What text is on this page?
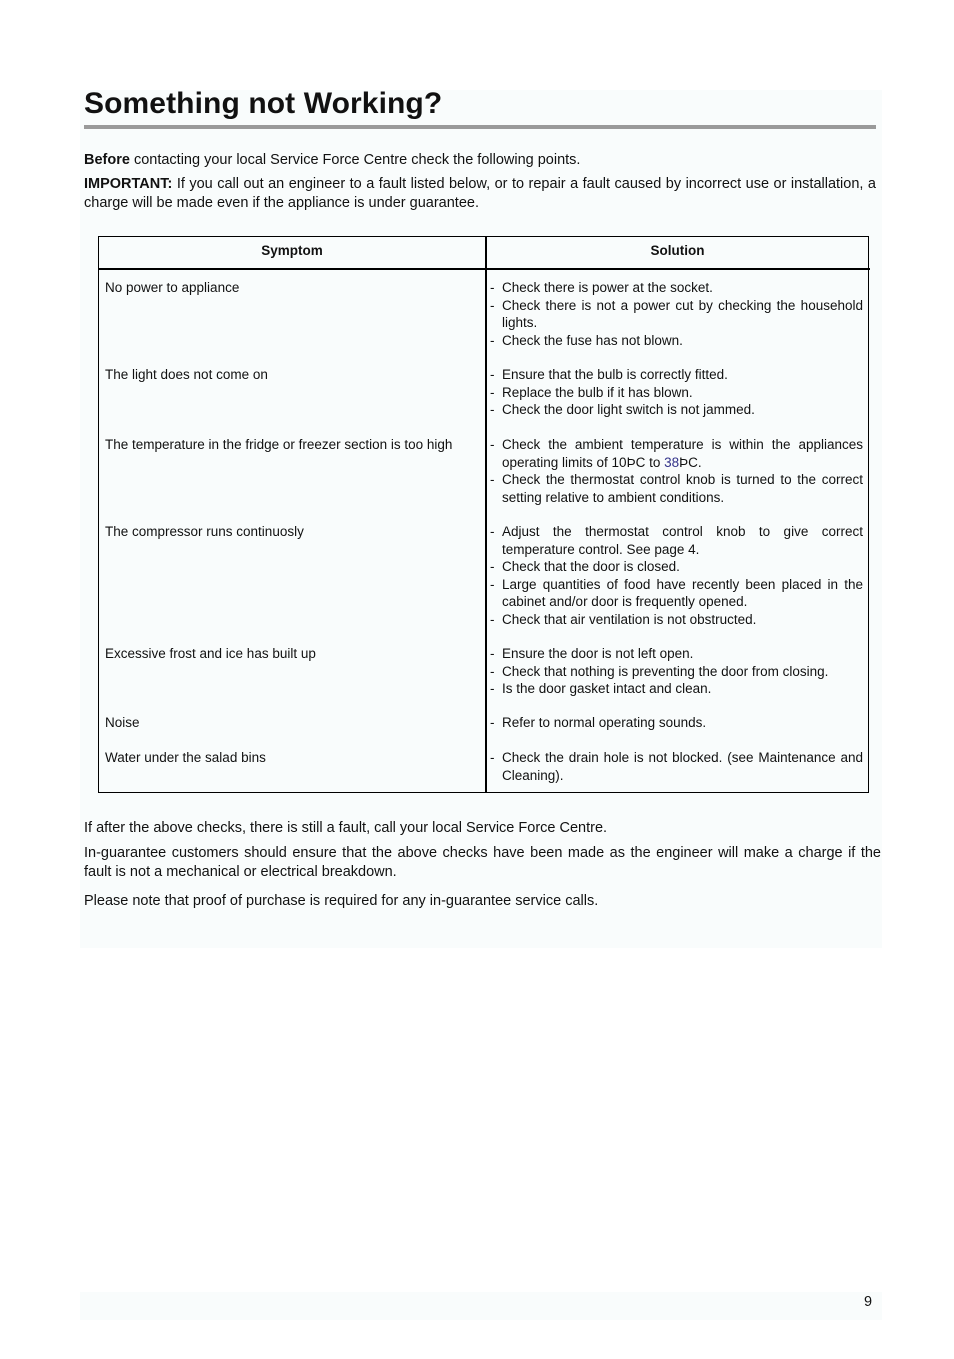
Something not Working?

Before contacting your local Service Force Centre check the following points.

IMPORTANT: If you call out an engineer to a fault listed below, or to repair a fault caused by incorrect use or installation, a charge will be made even if the appliance is under guarantee.

Symptom	Solution

No power to appliance	- Check there is power at the socket.
- Check there is not a power cut by checking the household lights.
- Check the fuse has not blown.

The light does not come on	- Ensure that the bulb is correctly fitted.
- Replace the bulb if it has blown.
- Check the door light switch is not jammed.

The temperature in the fridge or freezer section is too high	- Check the ambient temperature is within the appliances operating limits of 10ÞC to 38ÞC.
- Check the thermostat control knob is turned to the correct setting relative to ambient conditions.

The compressor runs continuosly	- Adjust the thermostat control knob to give correct temperature control. See page 4.
- Check that the door is closed.
- Large quantities of food have recently been placed in the cabinet and/or door is frequently opened.
- Check that air ventilation is not obstructed.

Excessive frost and ice has built up	- Ensure the door is not left open.
- Check that nothing is preventing the door from closing.
- Is the door gasket intact and clean.

Noise	- Refer to normal operating sounds.

Water under the salad bins	- Check the drain hole is not blocked. (see Maintenance and Cleaning).

If after the above checks, there is still a fault, call your local Service Force Centre.

In-guarantee customers should ensure that the above checks have been made as the engineer will make a charge if the fault is not a mechanical or electrical breakdown.

Please note that proof of purchase is required for any in-guarantee service calls.

9
